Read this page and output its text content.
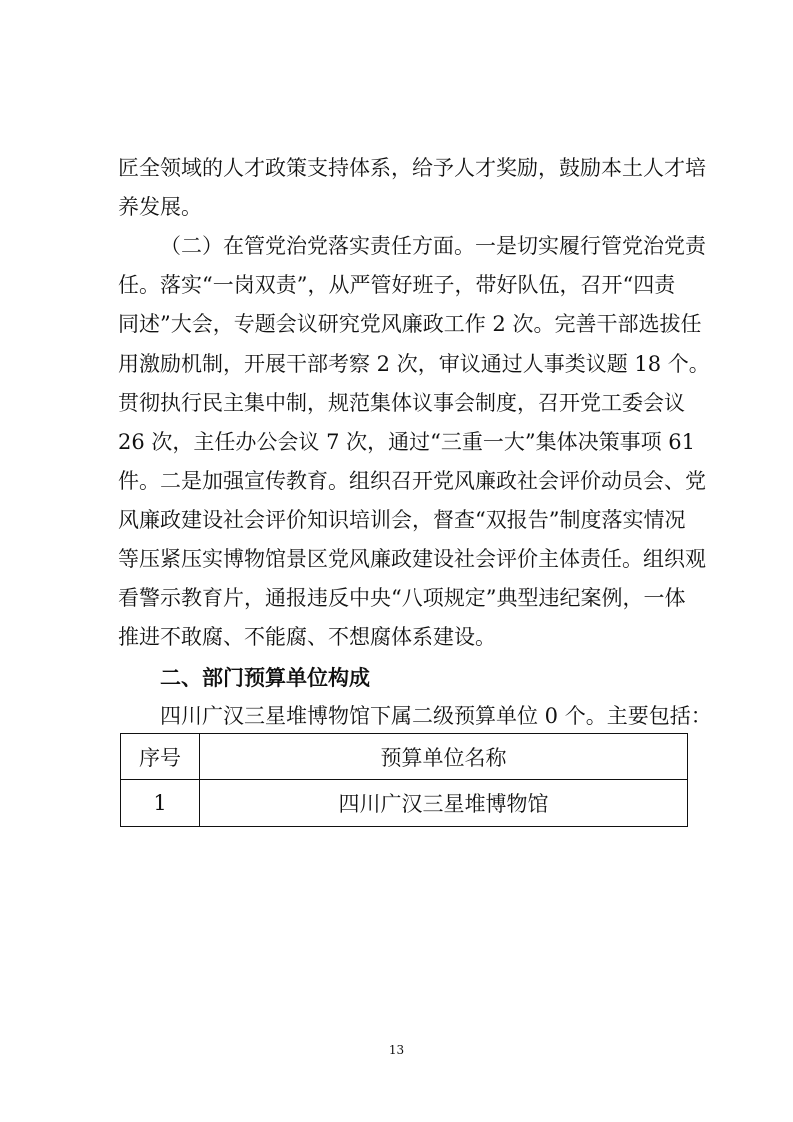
匠全领域的人才政策支持体系，给予人才奖励，鼓励本土人才培
养发展。
（二）在管党治党落实责任方面。一是切实履行管党治党责
任。落实“一岗双责”，从严管好班子，带好队伍，召开“四责
同述”大会，专题会议研究党风廉政工作 2 次。完善干部选拔任
用激励机制，开展干部考察 2 次，审议通过人事类议题 18 个。
贯彻执行民主集中制，规范集体议事会制度，召开党工委会议
26 次，主任办公会议 7 次，通过“三重一大”集体决策事项 61
件。二是加强宣传教育。组织召开党风廉政社会评价动员会、党
风廉政建设社会评价知识培训会，督查“双报告”制度落实情况
等压紧压实博物馆景区党风廉政建设社会评价主体责任。组织观
看警示教育片，通报违反中央“八项规定”典型违纪案例，一体
推进不敢腐、不能腐、不想腐体系建设。
二、部门预算单位构成
四川广汉三星堆博物馆下属二级预算单位 0 个。主要包括：
序号	预算单位名称
1	四川广汉三星堆博物馆
13
